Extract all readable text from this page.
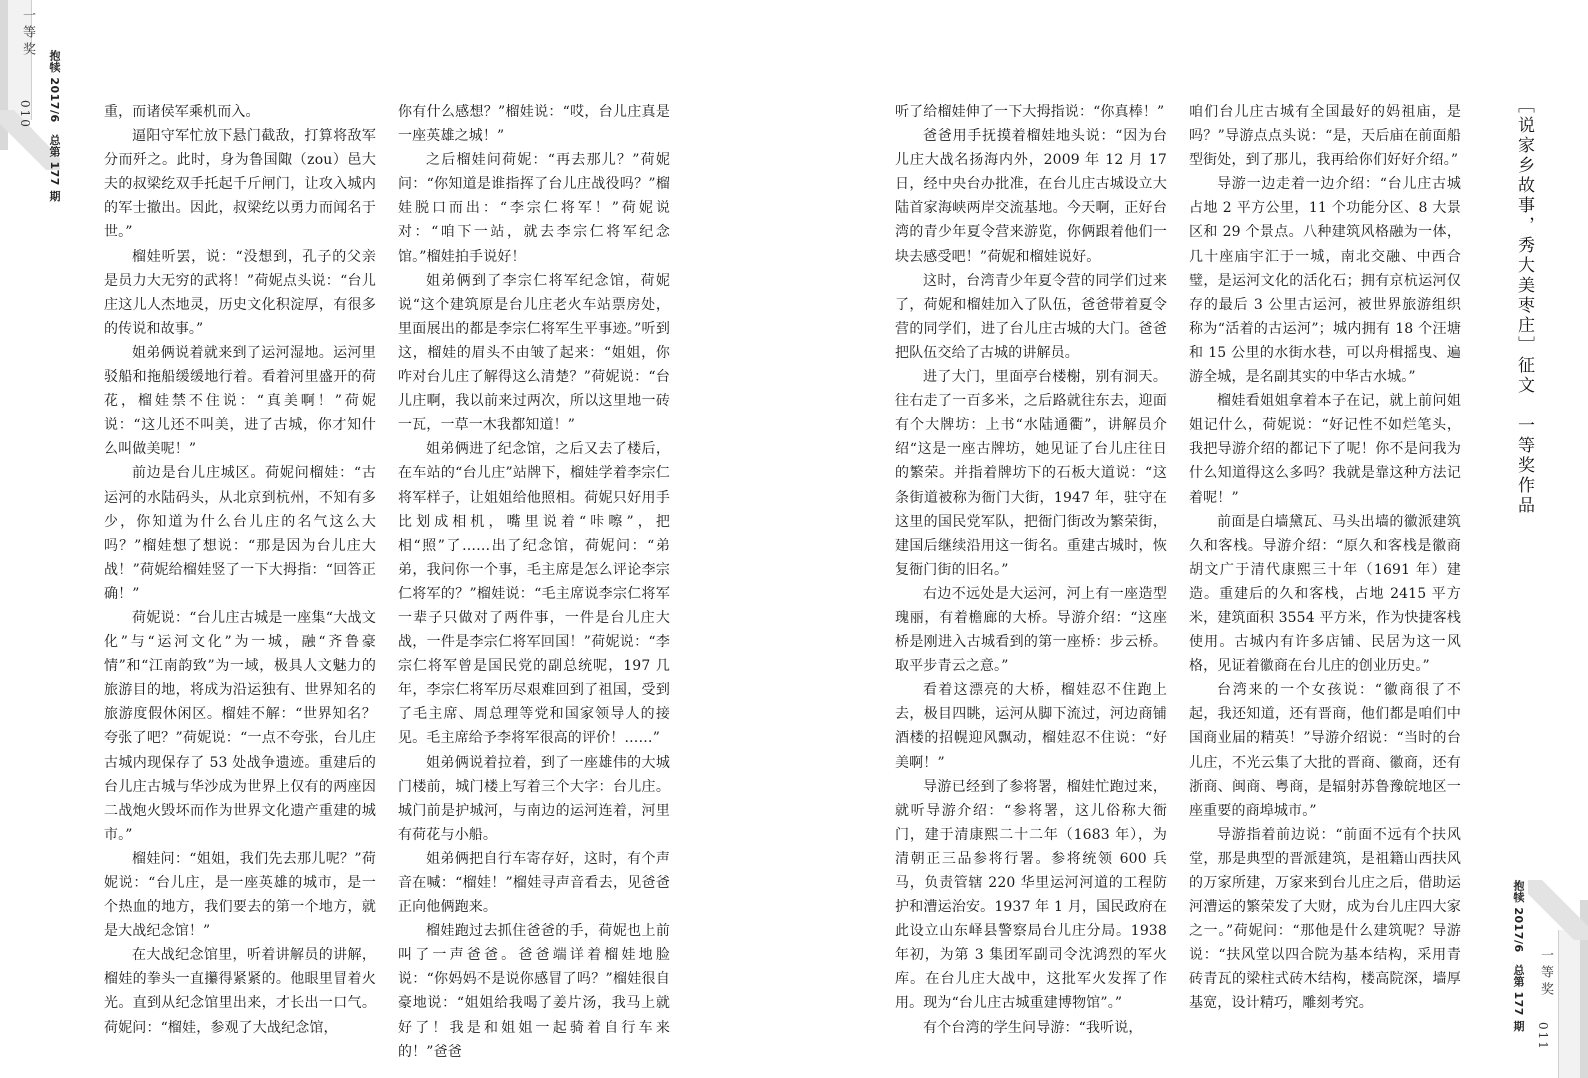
一等奖
010 抱犊 2017/6　总第 177 期
一等奖
011
抱犊 2017/6　总第 177 期
［说家乡故事，秀大美枣庄］征文　一等奖作品

重，而诸侯军乘机而入。

逼阳守军忙放下悬门截敌，打算将敌军分而歼之。此时，身为鲁国陬（zou）邑大夫的叔梁纥双手托起千斤闸门，让攻入城内的军士撤出。因此，叔梁纥以勇力而闻名于世。”

榴娃听罢，说：“没想到，孔子的父亲是员力大无穷的武将！”荷妮点头说：“台儿庄这儿人杰地灵，历史文化积淀厚，有很多的传说和故事。”

姐弟俩说着就来到了运河湿地。运河里驳船和拖船缓缓地行着。看着河里盛开的荷花，榴娃禁不住说：“真美啊！”荷妮说：“这儿还不叫美，进了古城，你才知什么叫做美呢！”

前边是台儿庄城区。荷妮问榴娃：“古运河的水陆码头，从北京到杭州，不知有多少，你知道为什么台儿庄的名气这么大吗？”榴娃想了想说：“那是因为台儿庄大战！”荷妮给榴娃竖了一下大拇指：“回答正确！”

荷妮说：“台儿庄古城是一座集“大战文化”与“运河文化”为一城，融“齐鲁豪情”和“江南韵致”为一域，极具人文魅力的旅游目的地，将成为沿运独有、世界知名的旅游度假休闲区。榴娃不解：“世界知名？夸张了吧？”荷妮说：“一点不夸张，台儿庄古城内现保存了 53 处战争遗迹。重建后的台儿庄古城与华沙成为世界上仅有的两座因二战炮火毁坏而作为世界文化遗产重建的城市。”

榴娃问：“姐姐，我们先去那儿呢？”荷妮说：“台儿庄，是一座英雄的城市，是一个热血的地方，我们要去的第一个地方，就是大战纪念馆！”

在大战纪念馆里，听着讲解员的讲解，榴娃的拳头一直攥得紧紧的。他眼里冒着火光。直到从纪念馆里出来，才长出一口气。荷妮问：“榴娃，参观了大战纪念馆，

你有什么感想？”榴娃说：“哎，台儿庄真是一座英雄之城！”

之后榴娃问荷妮：“再去那儿？”荷妮问：“你知道是谁指挥了台儿庄战役吗？”榴娃脱口而出：“李宗仁将军！”荷妮说对：“咱下一站，就去李宗仁将军纪念馆。”榴娃拍手说好！

姐弟俩到了李宗仁将军纪念馆，荷妮说“这个建筑原是台儿庄老火车站票房处，里面展出的都是李宗仁将军生平事迹。”听到这，榴娃的眉头不由皱了起来：“姐姐，你咋对台儿庄了解得这么清楚？”荷妮说：“台儿庄啊，我以前来过两次，所以这里地一砖一瓦，一草一木我都知道！”

姐弟俩进了纪念馆，之后又去了楼后，在车站的“台儿庄”站牌下，榴娃学着李宗仁将军样子，让姐姐给他照相。荷妮只好用手比划成相机，嘴里说着“咔嚓”，把相“照”了……出了纪念馆，荷妮问：“弟弟，我问你一个事，毛主席是怎么评论李宗仁将军的？”榴娃说：“毛主席说李宗仁将军一辈子只做对了两件事，一件是台儿庄大战，一件是李宗仁将军回国！”荷妮说：“李宗仁将军曾是国民党的副总统呢，197 几年，李宗仁将军历尽艰难回到了祖国，受到了毛主席、周总理等党和国家领导人的接见。毛主席给予李将军很高的评价！……”

姐弟俩说着拉着，到了一座雄伟的大城门楼前，城门楼上写着三个大字：台儿庄。城门前是护城河，与南边的运河连着，河里有荷花与小船。

姐弟俩把自行车寄存好，这时，有个声音在喊：“榴娃！”榴娃寻声音看去，见爸爸正向他俩跑来。

榴娃跑过去抓住爸爸的手，荷妮也上前叫了一声爸爸。爸爸端详着榴娃地脸说：“你妈妈不是说你感冒了吗？”榴娃很自豪地说：“姐姐给我喝了姜片汤，我马上就好了！我是和姐姐一起骑着自行车来的！”爸爸

听了给榴娃伸了一下大拇指说：“你真棒！”

爸爸用手抚摸着榴娃地头说：“因为台儿庄大战名扬海内外，2009 年 12 月 17 日，经中央台办批准，在台儿庄古城设立大陆首家海峡两岸交流基地。今天啊，正好台湾的青少年夏令营来游览，你俩跟着他们一块去感受吧！”荷妮和榴娃说好。

这时，台湾青少年夏令营的同学们过来了，荷妮和榴娃加入了队伍，爸爸带着夏令营的同学们，进了台儿庄古城的大门。爸爸把队伍交给了古城的讲解员。

进了大门，里面亭台楼榭，别有洞天。往右走了一百多米，之后路就往东去，迎面有个大牌坊：上书“水陆通衢”，讲解员介绍“这是一座古牌坊，她见证了台儿庄往日的繁荣。并指着牌坊下的石板大道说：“这条街道被称为衙门大街，1947 年，驻守在这里的国民党军队，把衙门街改为繁荣街，建国后继续沿用这一街名。重建古城时，恢复衙门街的旧名。”

右边不远处是大运河，河上有一座造型瑰丽，有着檐廊的大桥。导游介绍：“这座桥是刚进入古城看到的第一座桥：步云桥。取平步青云之意。”

看着这漂亮的大桥，榴娃忍不住跑上去，极目四眺，运河从脚下流过，河边商铺酒楼的招幌迎风飘动，榴娃忍不住说：“好美啊！”

导游已经到了参将署，榴娃忙跑过来，就听导游介绍：“参将署，这儿俗称大衙门，建于清康熙二十二年（1683 年），为清朝正三品参将行署。参将统领 600 兵马，负责管辖 220 华里运河河道的工程防护和漕运治安。1937 年 1 月，国民政府在此设立山东峄县警察局台儿庄分局。1938 年初，为第 3 集团军副司令沈鸿烈的军火库。在台儿庄大战中，这批军火发挥了作用。现为“台儿庄古城重建博物馆”。”

有个台湾的学生问导游：“我听说，

咱们台儿庄古城有全国最好的妈祖庙，是吗？”导游点点头说：“是，天后庙在前面船型街处，到了那儿，我再给你们好好介绍。”

导游一边走着一边介绍：“台儿庄古城占地 2 平方公里，11 个功能分区、8 大景区和 29 个景点。八种建筑风格融为一体，几十座庙宇汇于一城，南北交融、中西合璧，是运河文化的活化石；拥有京杭运河仅存的最后 3 公里古运河，被世界旅游组织称为“活着的古运河”；城内拥有 18 个汪塘和 15 公里的水街水巷，可以舟楫摇曳、遍游全城，是名副其实的中华古水城。”

榴娃看姐姐拿着本子在记，就上前问姐姐记什么，荷妮说：“好记性不如烂笔头，我把导游介绍的都记下了呢！你不是问我为什么知道得这么多吗？我就是靠这种方法记着呢！”

前面是白墙黛瓦、马头出墙的徽派建筑久和客栈。导游介绍：“原久和客栈是徽商胡文广于清代康熙三十年（1691 年）建造。重建后的久和客栈，占地 2415 平方米，建筑面积 3554 平方米，作为快捷客栈使用。古城内有许多店铺、民居为这一风格，见证着徽商在台儿庄的创业历史。”

台湾来的一个女孩说：“徽商很了不起，我还知道，还有晋商，他们都是咱们中国商业届的精英！”导游介绍说：“当时的台儿庄，不光云集了大批的晋商、徽商，还有浙商、闽商、粤商，是辐射苏鲁豫皖地区一座重要的商埠城市。”

导游指着前边说：“前面不远有个扶风堂，那是典型的晋派建筑，是祖籍山西扶风的万家所建，万家来到台儿庄之后，借助运河漕运的繁荣发了大财，成为台儿庄四大家之一。”荷妮问：“那他是什么建筑呢？导游说：“扶风堂以四合院为基本结构，采用青砖青瓦的梁柱式砖木结构，楼高院深，墙厚基宽，设计精巧，雕刻考究。
